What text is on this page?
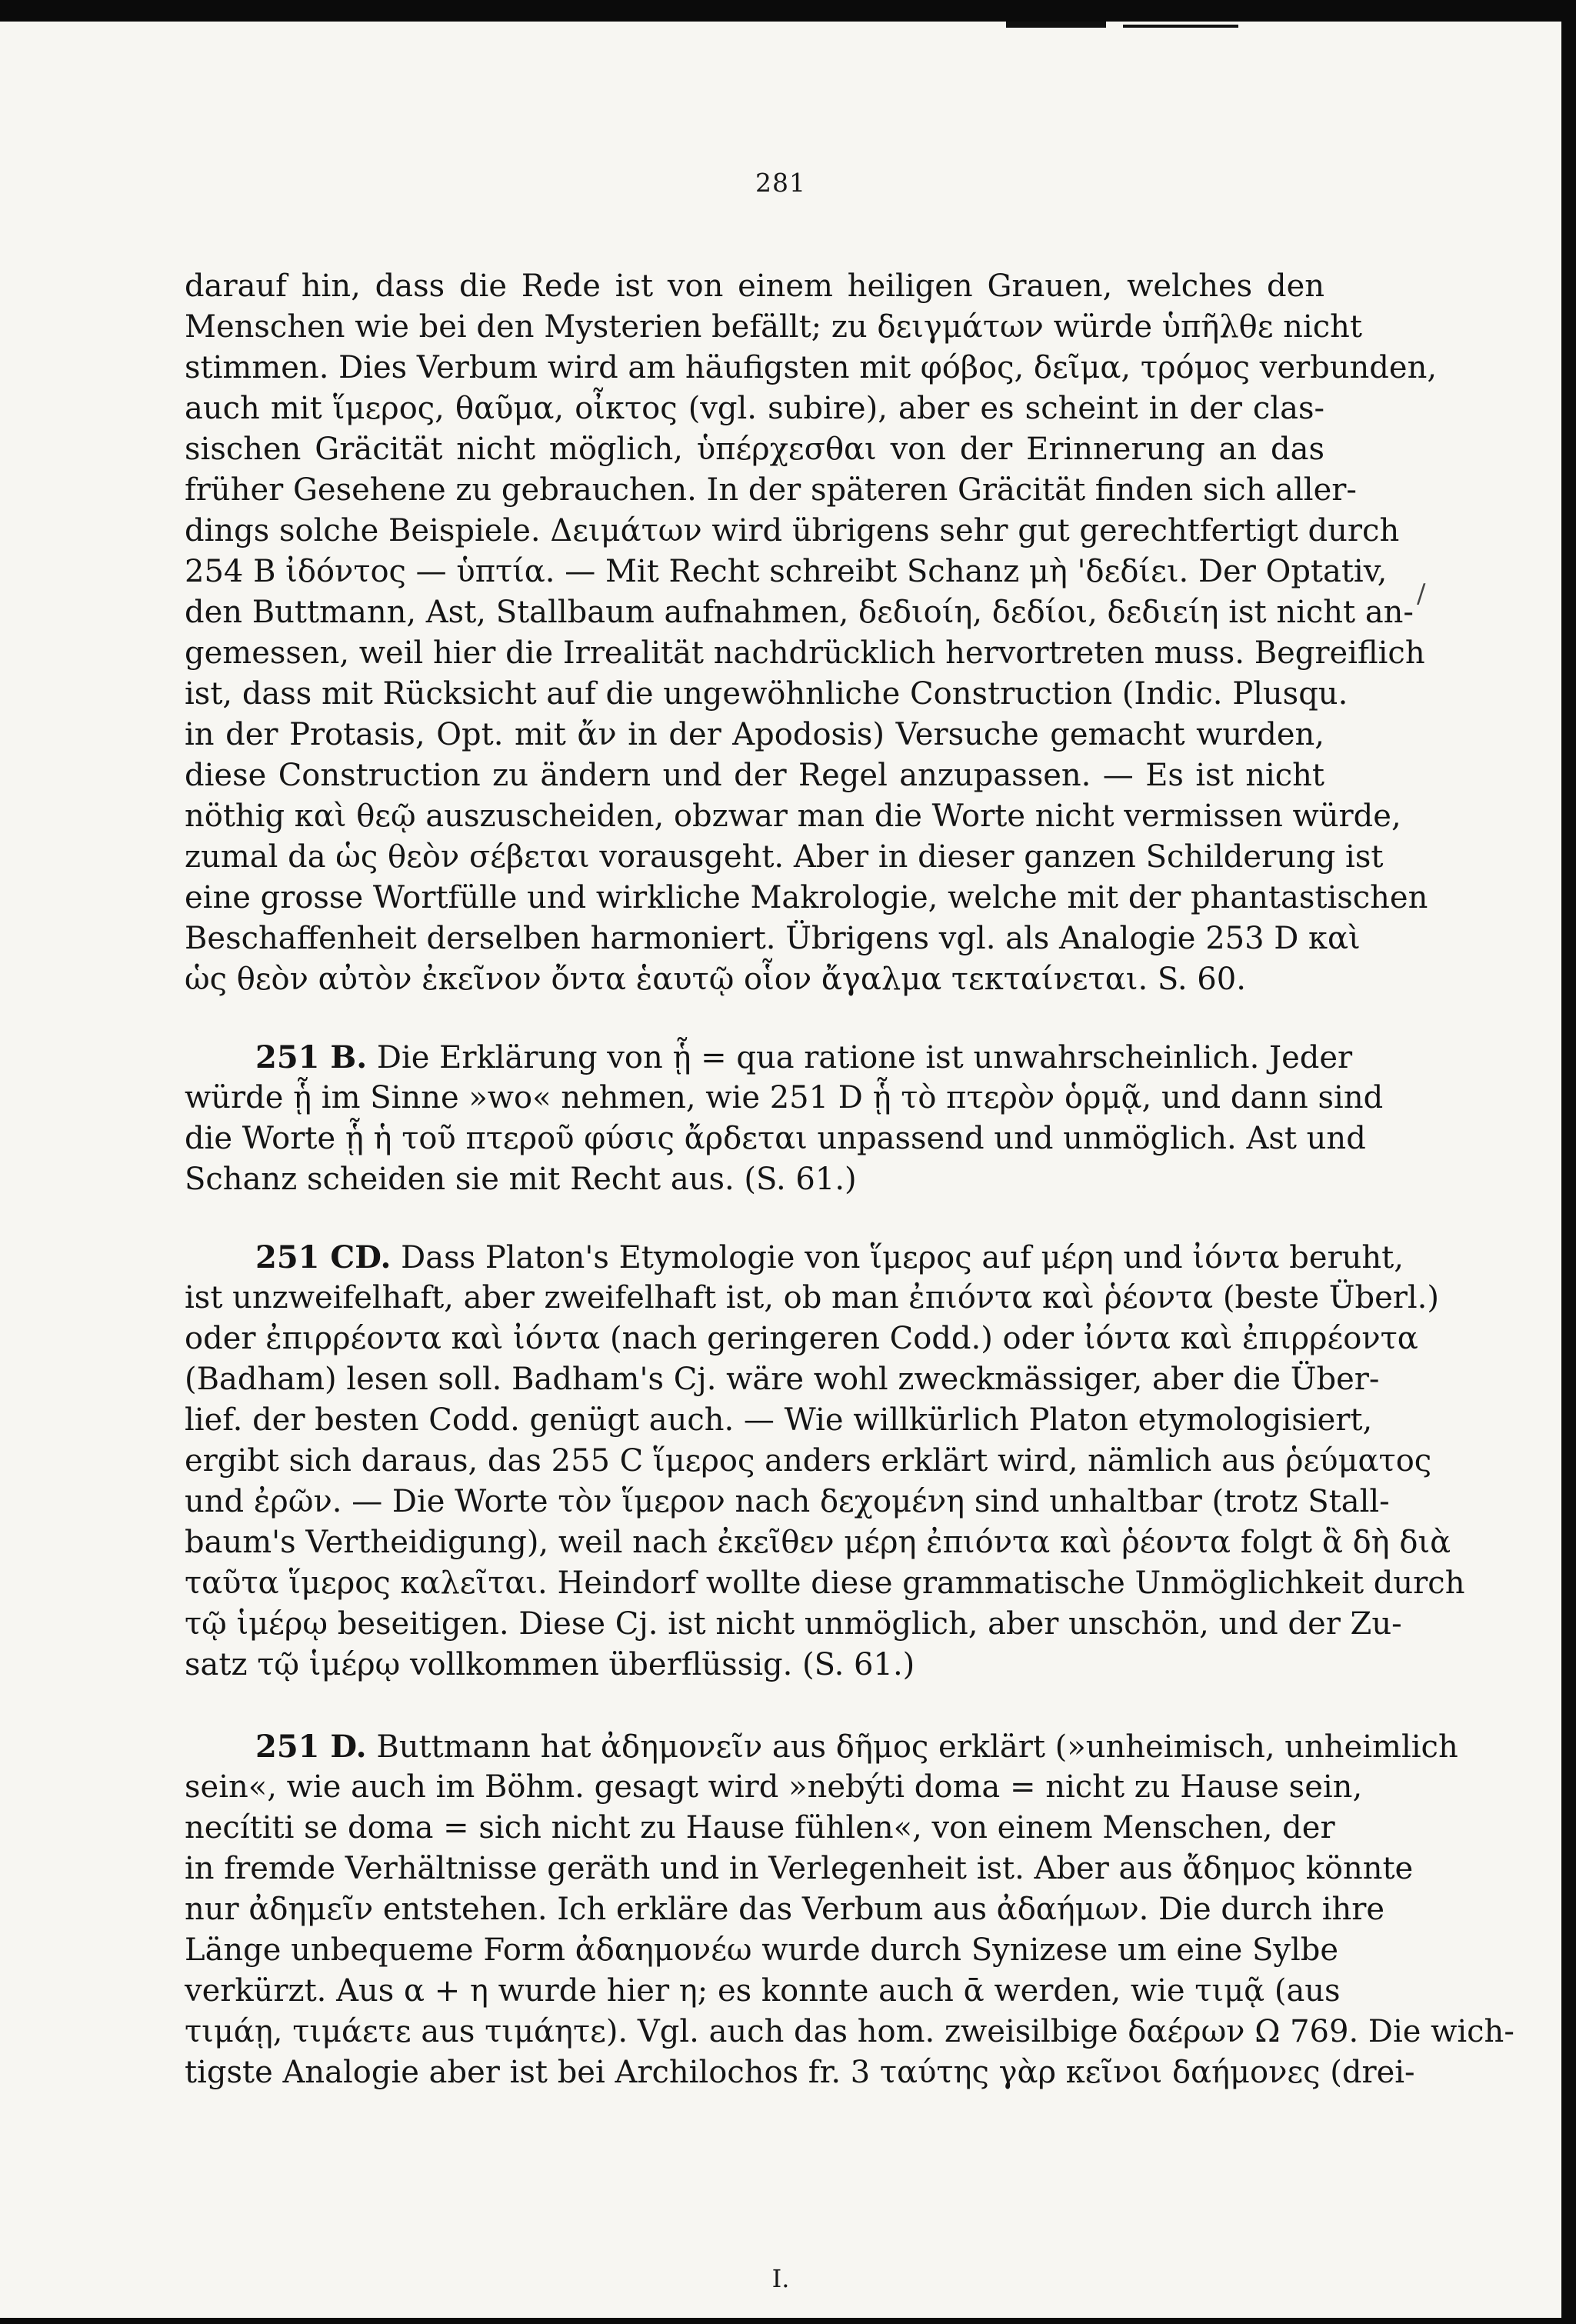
281
darauf hin, dass die Rede ist von einem heiligen Grauen, welches den
Menschen wie bei den Mysterien befällt; zu δειγμάτων würde ὑπῆλθε nicht
stimmen. Dies Verbum wird am häufigsten mit φόβος, δεῖμα, τρόμος verbunden,
auch mit ἵμερος, θαῦμα, οἶκτος (vgl. subire), aber es scheint in der clas-
sischen Gräcität nicht möglich, ὑπέρχεσθαι von der Erinnerung an das
früher Gesehene zu gebrauchen. In der späteren Gräcität finden sich aller-
dings solche Beispiele. Δειμάτων wird übrigens sehr gut gerechtfertigt durch
254 B ἰδόντος — ὑπτία. — Mit Recht schreibt Schanz μὴ 'δεδίει. Der Optativ,
den Buttmann, Ast, Stallbaum aufnahmen, δεδιοίη, δεδίοι, δεδιείη ist nicht an-
gemessen, weil hier die Irrealität nachdrücklich hervortreten muss. Begreiflich
ist, dass mit Rücksicht auf die ungewöhnliche Construction (Indic. Plusqu.
in der Protasis, Opt. mit ἄν in der Apodosis) Versuche gemacht wurden,
diese Construction zu ändern und der Regel anzupassen. — Es ist nicht
nöthig καὶ θεῷ auszuscheiden, obzwar man die Worte nicht vermissen würde,
zumal da ὡς θεὸν σέβεται vorausgeht. Aber in dieser ganzen Schilderung ist
eine grosse Wortfülle und wirkliche Makrologie, welche mit der phantastischen
Beschaffenheit derselben harmoniert. Übrigens vgl. als Analogie 253 D καὶ
ὡς θεὸν αὐτὸν ἐκεῖνον ὄντα ἑαυτῷ οἷον ἄγαλμα τεκταίνεται. S. 60.
251 B. Die Erklärung von ᾗ = qua ratione ist unwahrscheinlich. Jeder
würde ᾗ im Sinne »wo« nehmen, wie 251 D ᾗ τὸ πτερὸν ὁρμᾷ, und dann sind
die Worte ᾗ ἡ τοῦ πτεροῦ φύσις ἄρδεται unpassend und unmöglich. Ast und
Schanz scheiden sie mit Recht aus. (S. 61.)
251 CD. Dass Platon's Etymologie von ἵμερος auf μέρη und ἰόντα beruht,
ist unzweifelhaft, aber zweifelhaft ist, ob man ἐπιόντα καὶ ῥέοντα (beste Überl.)
oder ἐπιρρέοντα καὶ ἰόντα (nach geringeren Codd.) oder ἰόντα καὶ ἐπιρρέοντα
(Badham) lesen soll. Badham's Cj. wäre wohl zweckmässiger, aber die Über-
lief. der besten Codd. genügt auch. — Wie willkürlich Platon etymologisiert,
ergibt sich daraus, das 255 C ἵμερος anders erklärt wird, nämlich aus ῥεύματος
und ἐρῶν. — Die Worte τὸν ἵμερον nach δεχομένη sind unhaltbar (trotz Stall-
baum's Vertheidigung), weil nach ἐκεῖθεν μέρη ἐπιόντα καὶ ῥέοντα folgt ἃ δὴ διὰ
ταῦτα ἵμερος καλεῖται. Heindorf wollte diese grammatische Unmöglichkeit durch
τῷ ἱμέρῳ beseitigen. Diese Cj. ist nicht unmöglich, aber unschön, und der Zu-
satz τῷ ἱμέρῳ vollkommen überflüssig. (S. 61.)
251 D. Buttmann hat ἀδημονεῖν aus δῆμος erklärt (»unheimisch, unheimlich
sein«, wie auch im Böhm. gesagt wird »nebýti doma = nicht zu Hause sein,
necítiti se doma = sich nicht zu Hause fühlen«, von einem Menschen, der
in fremde Verhältnisse geräth und in Verlegenheit ist. Aber aus ἄδημος könnte
nur ἀδημεῖν entstehen. Ich erkläre das Verbum aus ἀδαήμων. Die durch ihre
Länge unbequeme Form ἀδαημονέω wurde durch Synizese um eine Sylbe
verkürzt. Aus α + η wurde hier η; es konnte auch ᾱ werden, wie τιμᾷ (aus
τιμάῃ, τιμάετε aus τιμάητε). Vgl. auch das hom. zweisilbige δαέρων Ω 769. Die wich-
tigste Analogie aber ist bei Archilochos fr. 3 ταύτης γὰρ κεῖνοι δαήμονες (drei-
/
I.
